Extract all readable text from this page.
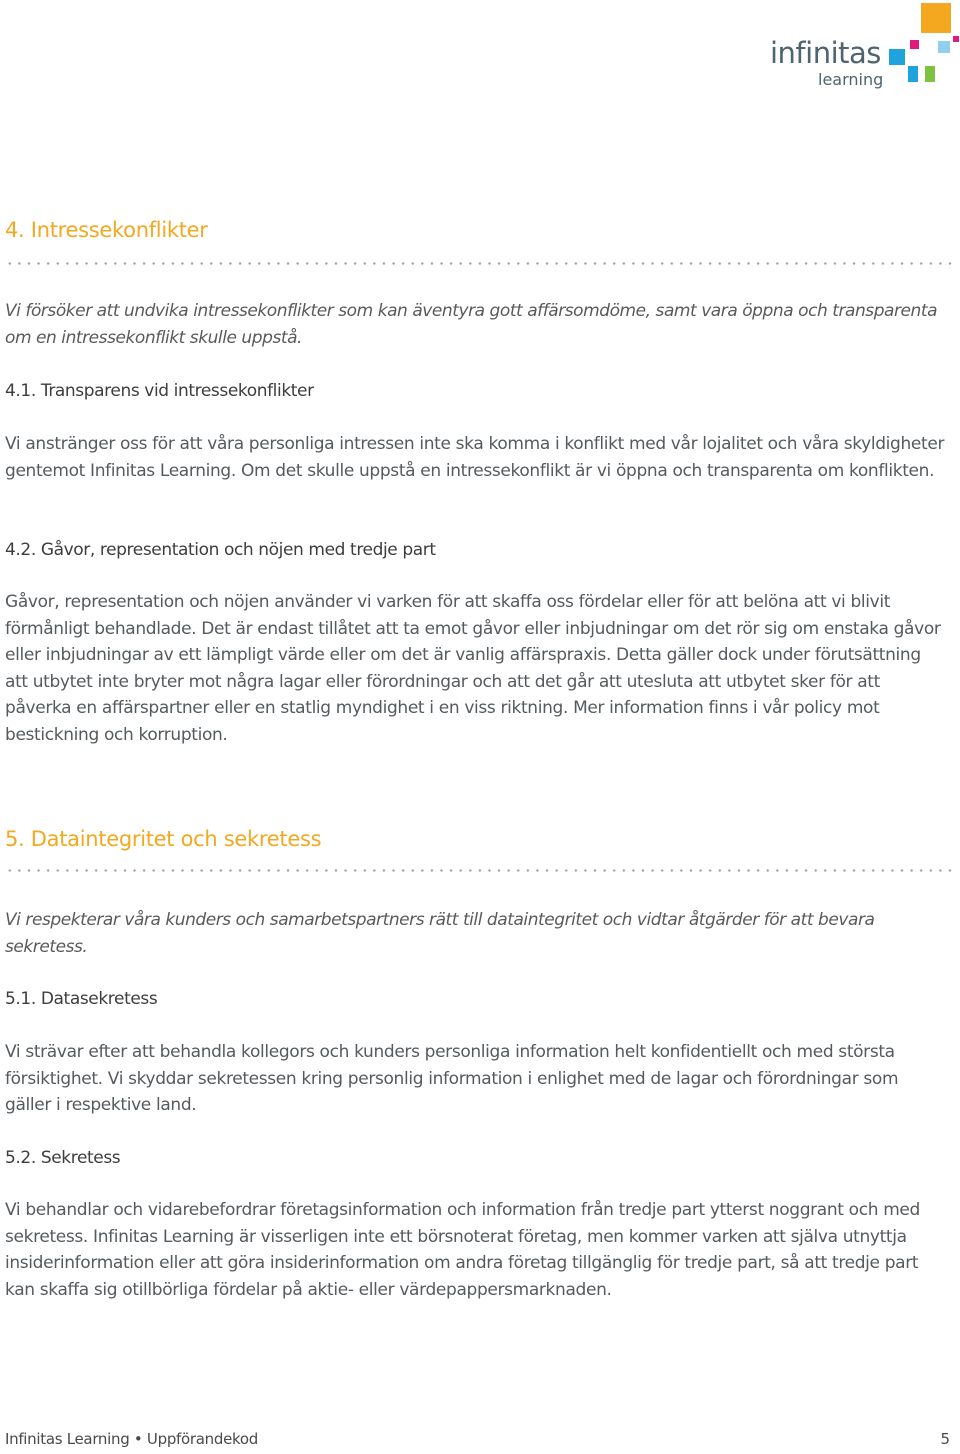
infinitas
learning
4. Intressekonflikter

Vi försöker att undvika intressekonflikter som kan äventyra gott affärsomdöme, samt vara öppna och transparenta om en intressekonflikt skulle uppstå.

4.1. Transparens vid intressekonflikter

Vi anstränger oss för att våra personliga intressen inte ska komma i konflikt med vår lojalitet och våra skyldigheter gentemot Infinitas Learning. Om det skulle uppstå en intressekonflikt är vi öppna och transparenta om konflikten.

4.2. Gåvor, representation och nöjen med tredje part

Gåvor, representation och nöjen använder vi varken för att skaffa oss fördelar eller för att belöna att vi blivit förmånligt behandlade. Det är endast tillåtet att ta emot gåvor eller inbjudningar om det rör sig om enstaka gåvor eller inbjudningar av ett lämpligt värde eller om det är vanlig affärspraxis. Detta gäller dock under förutsättning att utbytet inte bryter mot några lagar eller förordningar och att det går att utesluta att utbytet sker för att påverka en affärspartner eller en statlig myndighet i en viss riktning. Mer information finns i vår policy mot bestickning och korruption.

5. Dataintegritet och sekretess

Vi respekterar våra kunders och samarbetspartners rätt till dataintegritet och vidtar åtgärder för att bevara sekretess.

5.1. Datasekretess

Vi strävar efter att behandla kollegors och kunders personliga information helt konfidentiellt och med största försiktighet. Vi skyddar sekretessen kring personlig information i enlighet med de lagar och förordningar som gäller i respektive land.

5.2. Sekretess

Vi behandlar och vidarebefordrar företagsinformation och information från tredje part ytterst noggrant och med sekretess. Infinitas Learning är visserligen inte ett börsnoterat företag, men kommer varken att själva utnyttja insiderinformation eller att göra insiderinformation om andra företag tillgänglig för tredje part, så att tredje part kan skaffa sig otillbörliga fördelar på aktie- eller värdepappersmarknaden.

Infinitas Learning • Uppförandekod	5
